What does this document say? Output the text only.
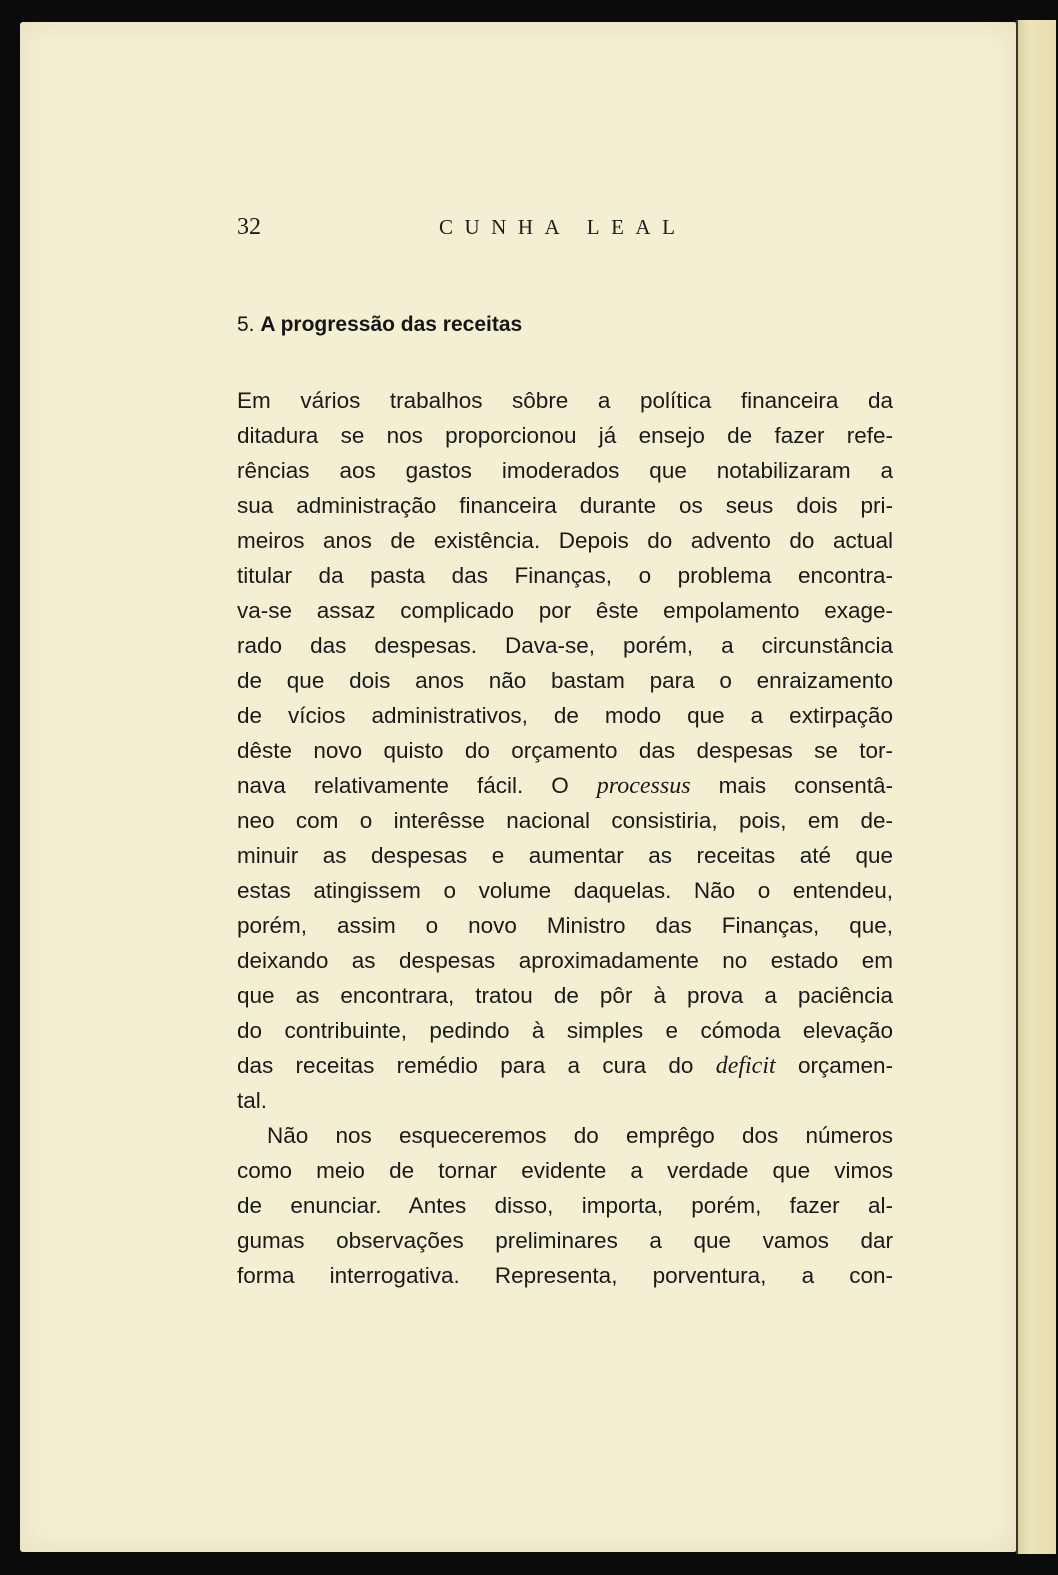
32	CUNHA LEAL
5. A progressão das receitas
Em vários trabalhos sôbre a política financeira da
ditadura se nos proporcionou já ensejo de fazer refe-
rências aos gastos imoderados que notabilizaram a
sua administração financeira durante os seus dois pri-
meiros anos de existência. Depois do advento do actual
titular da pasta das Finanças, o problema encontra-
va-se assaz complicado por êste empolamento exage-
rado das despesas. Dava-se, porém, a circunstância
de que dois anos não bastam para o enraizamento
de vícios administrativos, de modo que a extirpação
dêste novo quisto do orçamento das despesas se tor-
nava relativamente fácil. O processus mais consentâ-
neo com o interêsse nacional consistiria, pois, em de-
minuir as despesas e aumentar as receitas até que
estas atingissem o volume daquelas. Não o entendeu,
porém, assim o novo Ministro das Finanças, que,
deixando as despesas aproximadamente no estado em
que as encontrara, tratou de pôr à prova a paciência
do contribuinte, pedindo à simples e cómoda elevação
das receitas remédio para a cura do deficit orçamen-
tal.
Não nos esqueceremos do emprêgo dos números
como meio de tornar evidente a verdade que vimos
de enunciar. Antes disso, importa, porém, fazer al-
gumas observações preliminares a que vamos dar
forma interrogativa. Representa, porventura, a con-
